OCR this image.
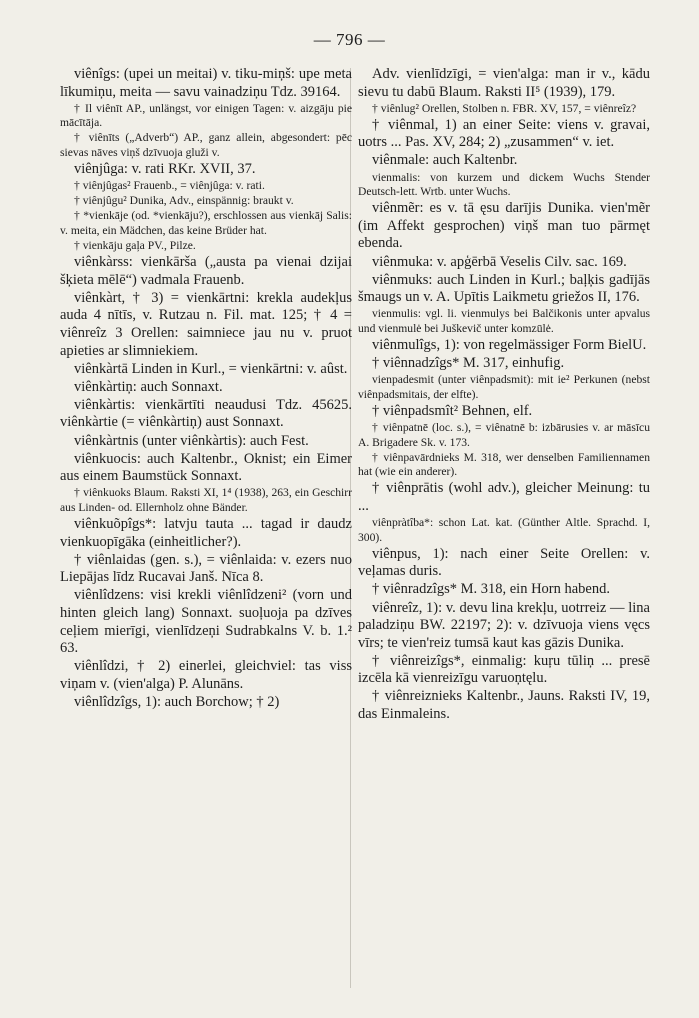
— 796 —

viênîgs: (upei un meitai) v. tiku-miņš: upe meta līkumiņu, meita — savu vainadziņu Tdz. 39164.

† Il viênīt AP., unlängst, vor einigen Tagen: v. aizgāju pie mācītāja.

† viênīts („Adverb“) AP., ganz allein, abgesondert: pēc sievas nāves viņš dzīvuoja gluži v.

viênjûga: v. rati RKr. XVII, 37.

† viênjûgas² Frauenb., = viênjûga: v. rati.

† viênjûgu² Dunika, Adv., einspännig: braukt v.

† *vienkāje (od. *vienkāju?), erschlossen aus vienkāj Salis: v. meita, ein Mädchen, das keine Brüder hat.

† vienkāju gaļa PV., Pilze.

viênkàrss: vienkārša („austa pa vienai dzijai šķieta mēlē“) vadmala Frauenb.

viênkàrt, † 3) = vienkārtni: krekla audekļus auda 4 nītīs, v. Rutzau n. Fil. mat. 125; † 4 = viênreîz 3 Orellen: saimniece jau nu v. pruot apieties ar slimniekiem.

viênkàrtā Linden in Kurl., = vienkārtni: v. aûst.

viênkàrtiņ: auch Sonnaxt.

viênkàrtis: vienkārtīti neaudusi Tdz. 45625. viênkàrtie (= viênkàrtiņ) aust Sonnaxt.

viênkàrtnis (unter viênkàrtis): auch Fest.

viênkuocis: auch Kaltenbr., Oknist; ein Eimer aus einem Baumstück Sonnaxt.

† viênkuoks Blaum. Raksti XI, 1⁴ (1938), 263, ein Geschirr aus Linden- od. Ellernholz ohne Bänder.

viênkuõpîgs*: latvju tauta ... tagad ir daudz vienkuopīgāka (einheitlicher?).

† viênlaidas (gen. s.), = viênlaida: v. ezers nuo Liepājas līdz Rucavai Janš. Nīca 8.

viênlîdzens: visi krekli viênlîdzeni² (vorn und hinten gleich lang) Sonnaxt. suoļuoja pa dzīves ceļiem mierīgi, vienlīdzeņi Sudrabkalns V. b. 1.² 63.

viênlîdzi, † 2) einerlei, gleichviel: tas viss viņam v. (vien'alga) P. Alunāns.

viênlîdzîgs, 1): auch Borchow; † 2)

Adv. vienlīdzīgi, = vien'alga: man ir v., kādu sievu tu dabū Blaum. Raksti II⁵ (1939), 179.

† viênlug² Orellen, Stolben n. FBR. XV, 157, = viênreîz?

† viênmal, 1) an einer Seite: viens v. gravai, uotrs ... Pas. XV, 284; 2) „zusammen“ v. iet.

viênmale: auch Kaltenbr.

vienmalis: von kurzem und dickem Wuchs Stender Deutsch-lett. Wrtb. unter Wuchs.

viênmẽr: es v. tā ęsu darījis Dunika. vien'mẽr (im Affekt gesprochen) viņš man tuo pārmęt ebenda.

viênmuka: v. apģērbā Veselis Cilv. sac. 169.

viênmuks: auch Linden in Kurl.; baļķis gadījās šmaugs un v. A. Upītis Laikmetu griežos II, 176.

vienmulis: vgl. li. vienmulys bei Balčikonis unter apvalus und vienmulė bei Juškevič unter komzūlė.

viênmulîgs, 1): von regelmässiger Form BielU.

† viênnadzîgs* M. 317, einhufig.

vienpadesmit (unter viênpadsmit): mit ie² Perkunen (nebst viênpadsmitais, der elfte).

† viênpadsmît² Behnen, elf.

† viênpatnē (loc. s.), = viênatnē b: izbārusies v. ar māsīcu A. Brigadere Sk. v. 173.

† viênpavārdnieks M. 318, wer denselben Familiennamen hat (wie ein anderer).

† viênprātis (wohl adv.), gleicher Meinung: tu ...

viênpràtîba*: schon Lat. kat. (Günther Altle. Sprachd. I, 300).

viênpus, 1): nach einer Seite Orellen: v. veļamas duris.

† viênradzîgs* M. 318, ein Horn habend.

viênreîz, 1): v. devu lina krekļu, uotrreiz — lina paladziņu BW. 22197; 2): v. dzīvuoja viens vęcs vīrs; te vien'reiz tumsā kaut kas gāzis Dunika.

† viênreizîgs*, einmalig: kuŗu tūliņ ... presē izcēla kā vienreizīgu varuoņtęlu.

† viênreiznieks Kaltenbr., Jauns. Raksti IV, 19, das Einmaleins.
